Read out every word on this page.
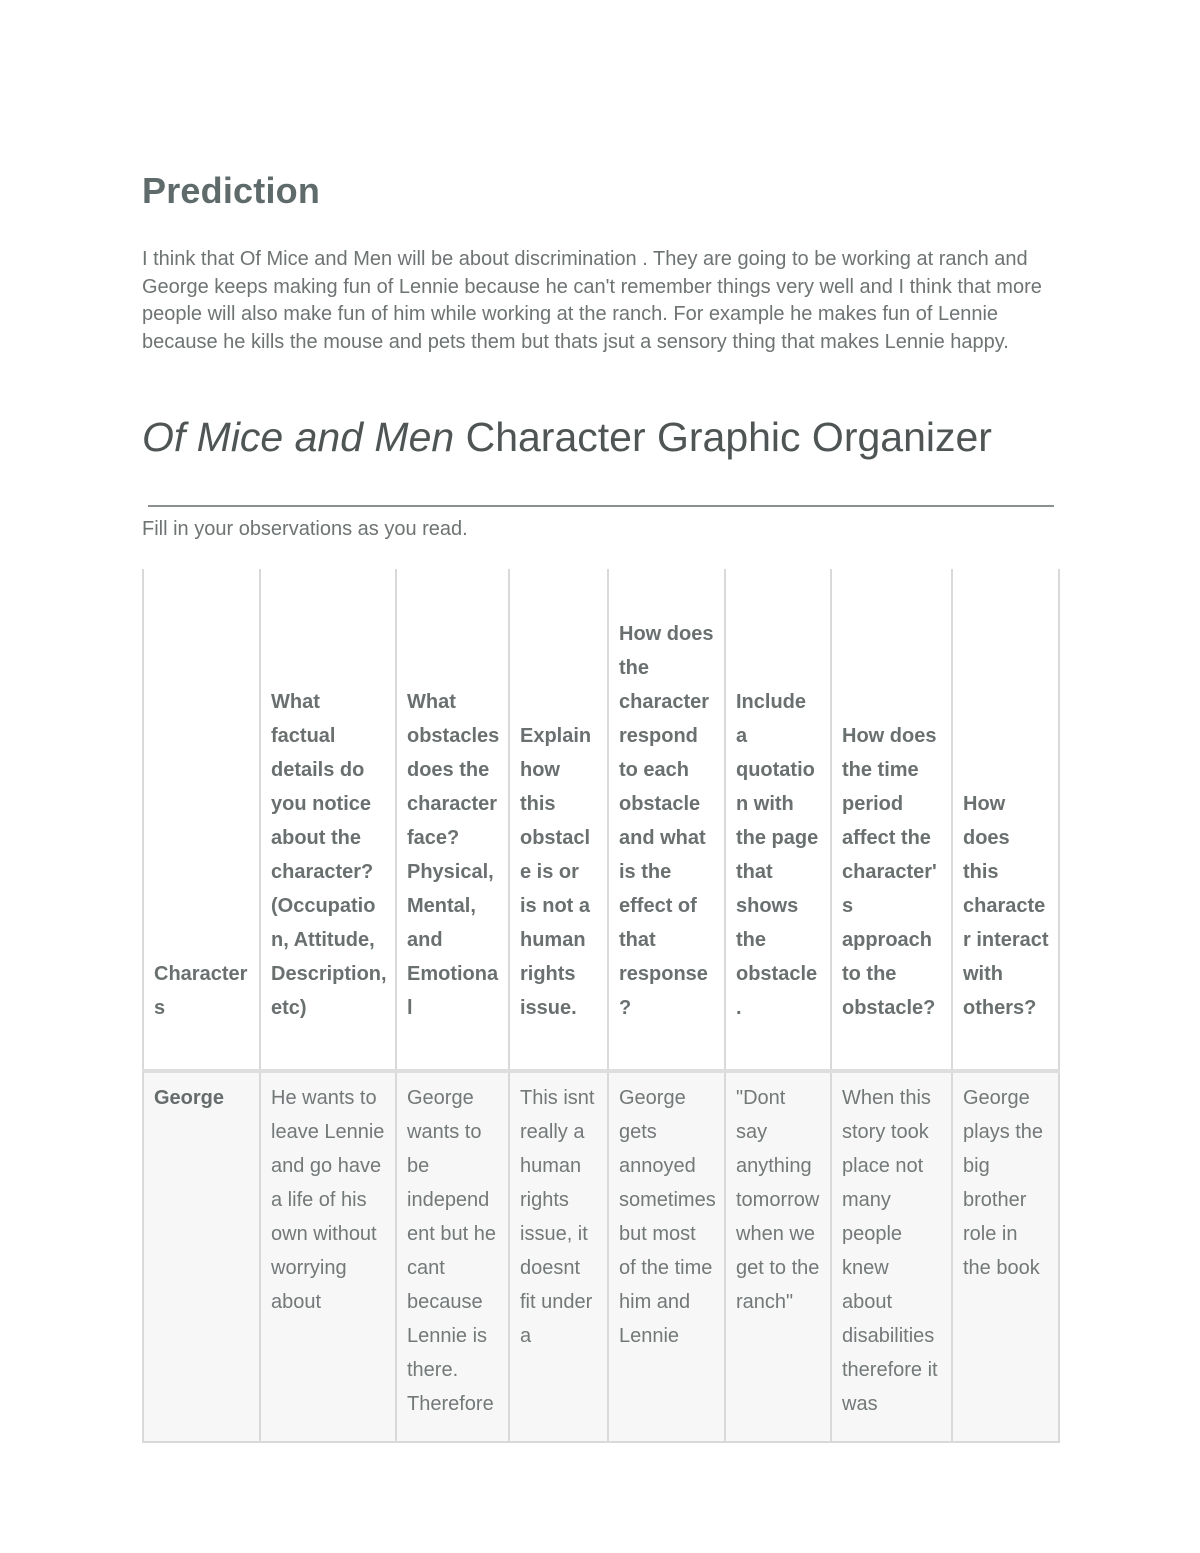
Prediction

I think that Of Mice and Men will be about discrimination . They are going to be working at ranch and George keeps making fun of Lennie because he can't remember things very well and I think that more people will also make fun of him while working at the ranch. For example he makes fun of Lennie because he kills the mouse and pets them but thats jsut a sensory thing that makes Lennie happy.

Of Mice and Men Character Graphic Organizer

Fill in your observations as you read.

Characters	What factual details do you notice about the character? (Occupation, Attitude, Description, etc)	What obstacles does the character face? Physical, Mental, and Emotional	Explain how this obstacle is or is not a human rights issue.	How does the character respond to each obstacle and what is the effect of that response?	Include a quotation with the page that shows the obstacle.	How does the time period affect the character's approach to the obstacle?	How does this character interact with others?
George	He wants to leave Lennie and go have a life of his own without worrying about	George wants to be independent but he cant because Lennie is there. Therefore	This isnt really a human rights issue, it doesnt fit under a	George gets annoyed sometimes but most of the time him and Lennie	"Dont say anything tomorrow when we get to the ranch"	When this story took place not many people knew about disabilities therefore it was	George plays the big brother role in the book
